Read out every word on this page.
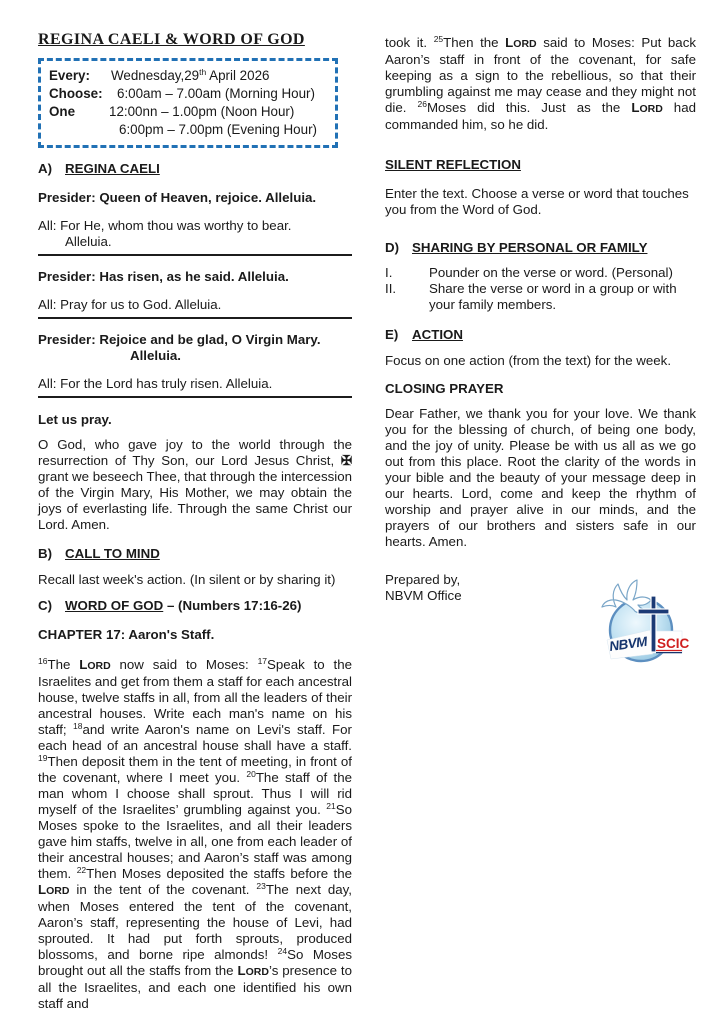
REGINA CAELI & WORD OF GOD
Every:	Wednesday,29th April 2026
Choose:	6:00am – 7.00am (Morning Hour)
One	12:00nn – 1.00pm (Noon Hour)
6:00pm – 7.00pm (Evening Hour)
A) REGINA CAELI
Presider: Queen of Heaven, rejoice. Alleluia.
All: For He, whom thou was worthy to bear.
Alleluia.
Presider: Has risen, as he said. Alleluia.
All: Pray for us to God. Alleluia.
Presider: Rejoice and be glad, O Virgin Mary.
Alleluia.
All: For the Lord has truly risen. Alleluia.
Let us pray.
O God, who gave joy to the world through the resurrection of Thy Son, our Lord Jesus Christ, ✠ grant we beseech Thee, that through the intercession of the Virgin Mary, His Mother, we may obtain the joys of everlasting life. Through the same Christ our Lord. Amen.
B) CALL TO MIND
Recall last week's action. (In silent or by sharing it)
C) WORD OF GOD – (Numbers 17:16-26)
CHAPTER 17: Aaron's Staff.
$^{16}$The LORD now said to Moses: $^{17}$Speak to the Israelites and get from them a staff for each ancestral house, twelve staffs in all, from all the leaders of their ancestral houses. Write each man's name on his staff; $^{18}$and write Aaron's name on Levi's staff. For each head of an ancestral house shall have a staff. $^{19}$Then deposit them in the tent of meeting, in front of the covenant, where I meet you. $^{20}$The staff of the man whom I choose shall sprout. Thus I will rid myself of the Israelites’ grumbling against you. $^{21}$So Moses spoke to the Israelites, and all their leaders gave him staffs, twelve in all, one from each leader of their ancestral houses; and Aaron’s staff was among them. $^{22}$Then Moses deposited the staffs before the LORD in the tent of the covenant. $^{23}$The next day, when Moses entered the tent of the covenant, Aaron’s staff, representing the house of Levi, had sprouted. It had put forth sprouts, produced blossoms, and borne ripe almonds! $^{24}$So Moses brought out all the staffs from the LORD’s presence to all the Israelites, and each one identified his own staff and
took it. $^{25}$Then the LORD said to Moses: Put back Aaron’s staff in front of the covenant, for safe keeping as a sign to the rebellious, so that their grumbling against me may cease and they might not die. $^{26}$Moses did this. Just as the LORD had commanded him, so he did.
SILENT REFLECTION
Enter the text. Choose a verse or word that touches you from the Word of God.
D) SHARING BY PERSONAL OR FAMILY
I.	Pounder on the verse or word. (Personal)
II.	Share the verse or word in a group or with your family members.
E) ACTION
Focus on one action (from the text) for the week.
CLOSING PRAYER
Dear Father, we thank you for your love. We thank you for the blessing of church, of being one body, and the joy of unity. Please be with us all as we go out from this place. Root the clarity of the words in your bible and the beauty of your message deep in our hearts. Lord, come and keep the rhythm of worship and prayer alive in our minds, and the prayers of our brothers and sisters safe in our hearts. Amen.
Prepared by,
NBVM Office
NBVM SCIC
